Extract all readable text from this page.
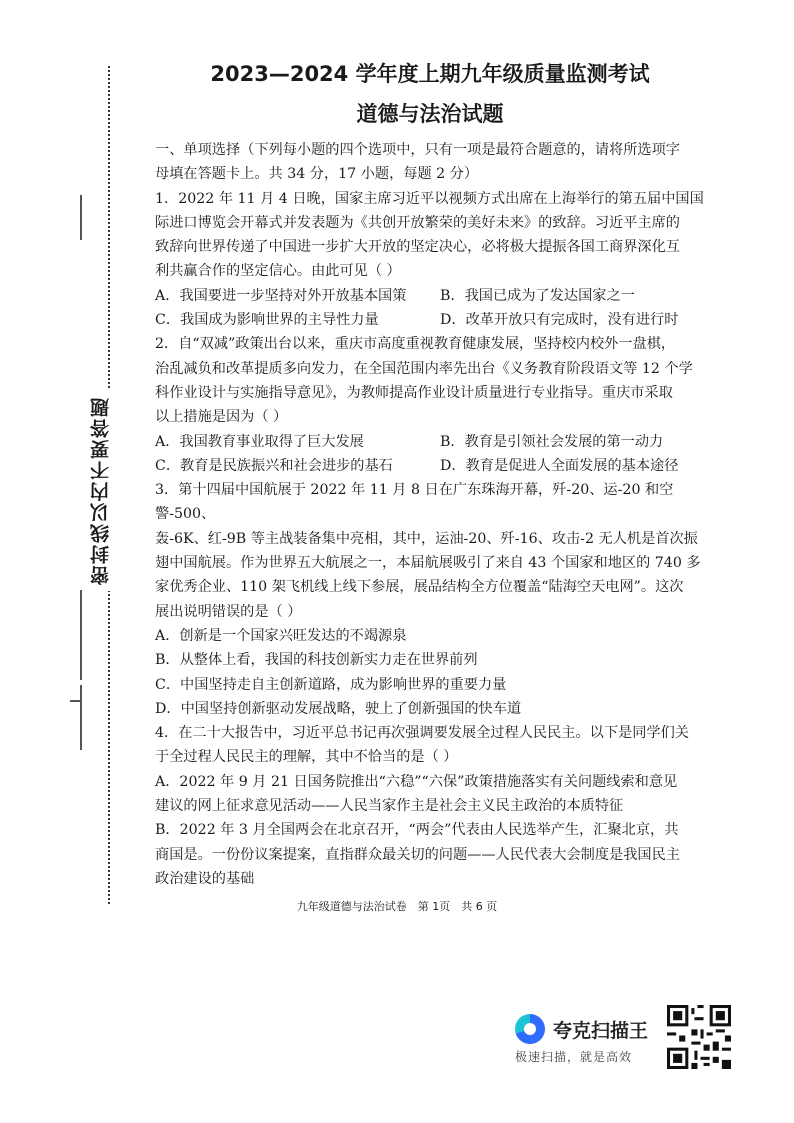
密封线以内不要答题
2023—2024 学年度上期九年级质量监测考试
道德与法治试题

一、单项选择（下列每小题的四个选项中，只有一项是最符合题意的，请将所选项字

母填在答题卡上。共 34 分，17 小题，每题 2 分）

1．2022 年 11 月 4 日晚，国家主席习近平以视频方式出席在上海举行的第五届中国国

际进口博览会开幕式并发表题为《共创开放繁荣的美好未来》的致辞。习近平主席的

致辞向世界传递了中国进一步扩大开放的坚定决心，必将极大提振各国工商界深化互

利共赢合作的坚定信心。由此可见（ ）

A．我国要进一步坚持对外开放基本国策	B．我国已成为了发达国家之一
C．我国成为影响世界的主导性力量	D．改革开放只有完成时，没有进行时

2．自“双减”政策出台以来，重庆市高度重视教育健康发展，坚持校内校外一盘棋，

治乱减负和改革提质多向发力，在全国范围内率先出台《义务教育阶段语文等 12 个学

科作业设计与实施指导意见》，为教师提高作业设计质量进行专业指导。重庆市采取

以上措施是因为（ ）

A．我国教育事业取得了巨大发展	B．教育是引领社会发展的第一动力
C．教育是民族振兴和社会进步的基石	D．教育是促进人全面发展的基本途径

3．第十四届中国航展于 2022 年 11 月 8 日在广东珠海开幕，歼-20、运-20 和空警-500、

轰-6K、红-9B 等主战装备集中亮相，其中，运油-20、歼-16、攻击-2 无人机是首次振

翅中国航展。作为世界五大航展之一，本届航展吸引了来自 43 个国家和地区的 740 多

家优秀企业、110 架飞机线上线下参展，展品结构全方位覆盖“陆海空天电网”。这次

展出说明错误的是（ ）

A．创新是一个国家兴旺发达的不竭源泉

B．从整体上看，我国的科技创新实力走在世界前列

C．中国坚持走自主创新道路，成为影响世界的重要力量

D．中国坚持创新驱动发展战略，驶上了创新强国的快车道

4．在二十大报告中，习近平总书记再次强调要发展全过程人民民主。以下是同学们关

于全过程人民民主的理解，其中不恰当的是（ ）

A．2022 年 9 月 21 日国务院推出“六稳”“六保”政策措施落实有关问题线索和意见

建议的网上征求意见活动——人民当家作主是社会主义民主政治的本质特征

B．2022 年 3 月全国两会在北京召开，“两会”代表由人民选举产生，汇聚北京，共

商国是。一份份议案提案，直指群众最关切的问题——人民代表大会制度是我国民主

政治建设的基础

九年级道德与法治试卷　第 1页　共 6 页
夸克扫描王
极速扫描，就是高效
